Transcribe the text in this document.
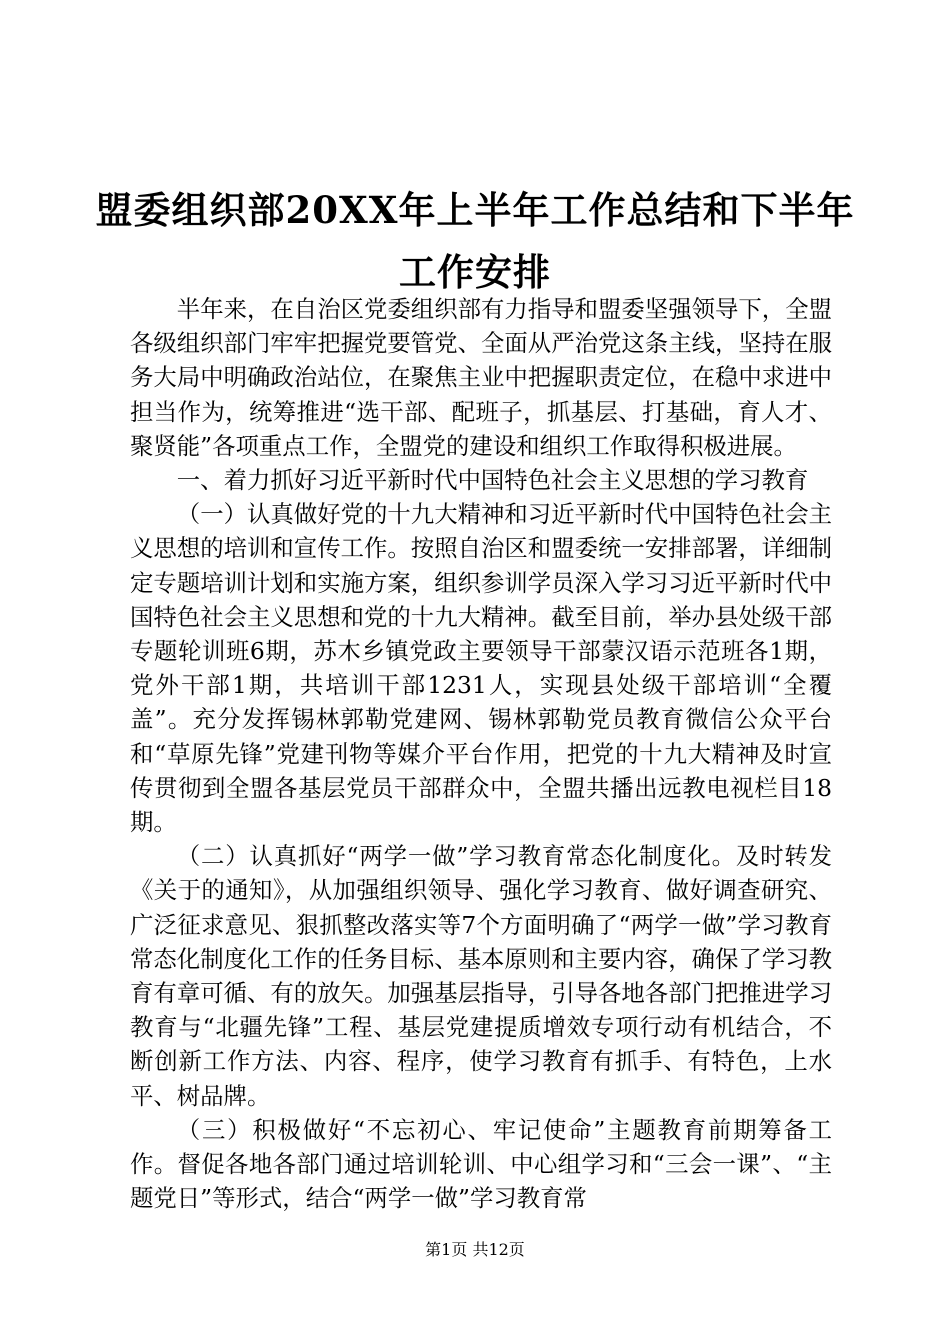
盟委组织部20XX年上半年工作总结和下半年
工作安排

半年来，在自治区党委组织部有力指导和盟委坚强领导下，全盟各级组织部门牢牢把握党要管党、全面从严治党这条主线，坚持在服务大局中明确政治站位，在聚焦主业中把握职责定位，在稳中求进中担当作为，统筹推进“选干部、配班子，抓基层、打基础，育人才、聚贤能”各项重点工作，全盟党的建设和组织工作取得积极进展。

一、着力抓好习近平新时代中国特色社会主义思想的学习教育

（一）认真做好党的十九大精神和习近平新时代中国特色社会主义思想的培训和宣传工作。按照自治区和盟委统一安排部署，详细制定专题培训计划和实施方案，组织参训学员深入学习习近平新时代中国特色社会主义思想和党的十九大精神。截至目前，举办县处级干部专题轮训班6期，苏木乡镇党政主要领导干部蒙汉语示范班各1期，党外干部1期，共培训干部1231人，实现县处级干部培训“全覆盖”。充分发挥锡林郭勒党建网、锡林郭勒党员教育微信公众平台和“草原先锋”党建刊物等媒介平台作用，把党的十九大精神及时宣传贯彻到全盟各基层党员干部群众中，全盟共播出远教电视栏目18期。

（二）认真抓好“两学一做”学习教育常态化制度化。及时转发《关于的通知》，从加强组织领导、强化学习教育、做好调查研究、广泛征求意见、狠抓整改落实等7个方面明确了“两学一做”学习教育常态化制度化工作的任务目标、基本原则和主要内容，确保了学习教育有章可循、有的放矢。加强基层指导，引导各地各部门把推进学习教育与“北疆先锋”工程、基层党建提质增效专项行动有机结合，不断创新工作方法、内容、程序，使学习教育有抓手、有特色，上水平、树品牌。

（三）积极做好“不忘初心、牢记使命”主题教育前期筹备工作。督促各地各部门通过培训轮训、中心组学习和“三会一课”、“主题党日”等形式，结合“两学一做”学习教育常

第1页 共12页
